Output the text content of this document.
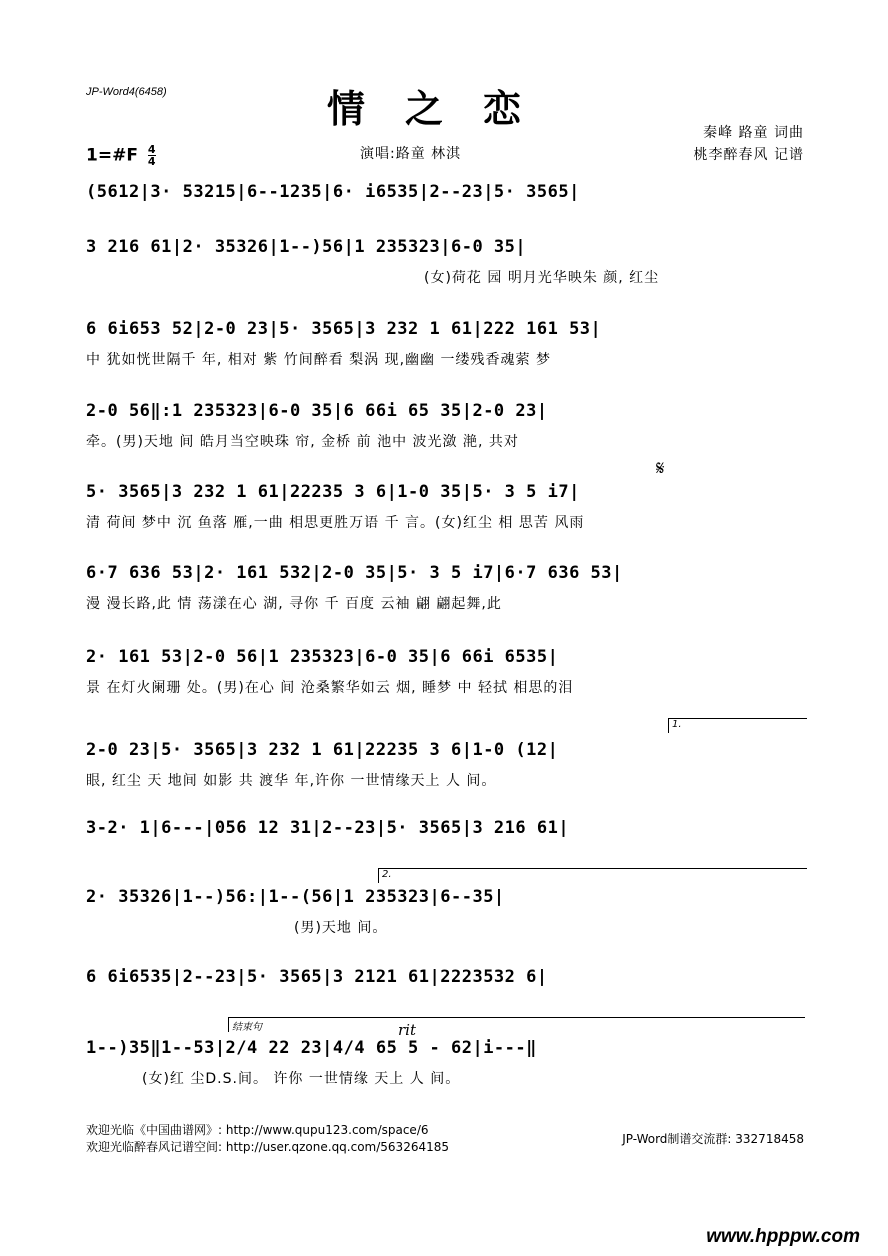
JP-Word4(6458)	情之恋
秦峰 路童 词曲
桃李醉春风 记谱
1=#F $\frac{4}{4}$	演唱:路童 林淇
(5612|3· 53215|6--1235|6· i6535|2--23|5· 3565|
3 216 61|2· 35326|1--)56|1 235323|6-0 35|
(女)荷花 园 明月光华映朱 颜, 红尘
6 6i653 52|2-0 23|5· 3565|3 232 1 61|222 161 53|
中 犹如恍世隔千 年, 相对 紫 竹间醉看 梨涡 现,幽幽 一缕残香魂萦 梦
2-0 56‖:1 235323|6-0 35|6 66i 65 35|2-0 23|
牵。(男)天地 间 皓月当空映珠 帘, 金桥 前 池中 波光潋 滟, 共对
5· 3565|3 232 1 61|22235 3 6|1-0 35|5· 3 5 i7|
清 荷间 梦中 沉 鱼落 雁,一曲 相思更胜万语 千 言。(女)红尘 相 思苦 风雨
𝄋
6·7 636 53|2· 161 532|2-0 35|5· 3 5 i7|6·7 636 53|
漫 漫长路,此 情 荡漾在心 湖, 寻你 千 百度 云袖 翩 翩起舞,此
2· 161 53|2-0 56|1 235323|6-0 35|6 66i 6535|
景 在灯火阑珊 处。(男)在心 间 沧桑繁华如云 烟, 睡梦 中 轻拭 相思的泪
2-0 23|5· 3565|3 232 1 61|22235 3 6|1-0 (12|
眼, 红尘 天 地间 如影 共 渡华 年,许你 一世情缘天上 人 间。
1.
3-2· 1|6---|056 12 31|2--23|5· 3565|3 216 61|
2· 35326|1--)56:|1--(56|1 235323|6--35|
(男)天地 间。
2.
6 6i6535|2--23|5· 3565|3 2121 61|2223532 6|
1--)35‖1--53|2/4 22 23|4/4 65 5 - 62|i---‖
(女)红 尘D.S.间。 许你 一世情缘 天上 人 间。
结束句	rit
欢迎光临《中国曲谱网》: http://www.qupu123.com/space/6
欢迎光临醉春风记谱空间: http://user.qzone.qq.com/563264185
JP-Word制谱交流群: 332718458
www.hpppw.com
